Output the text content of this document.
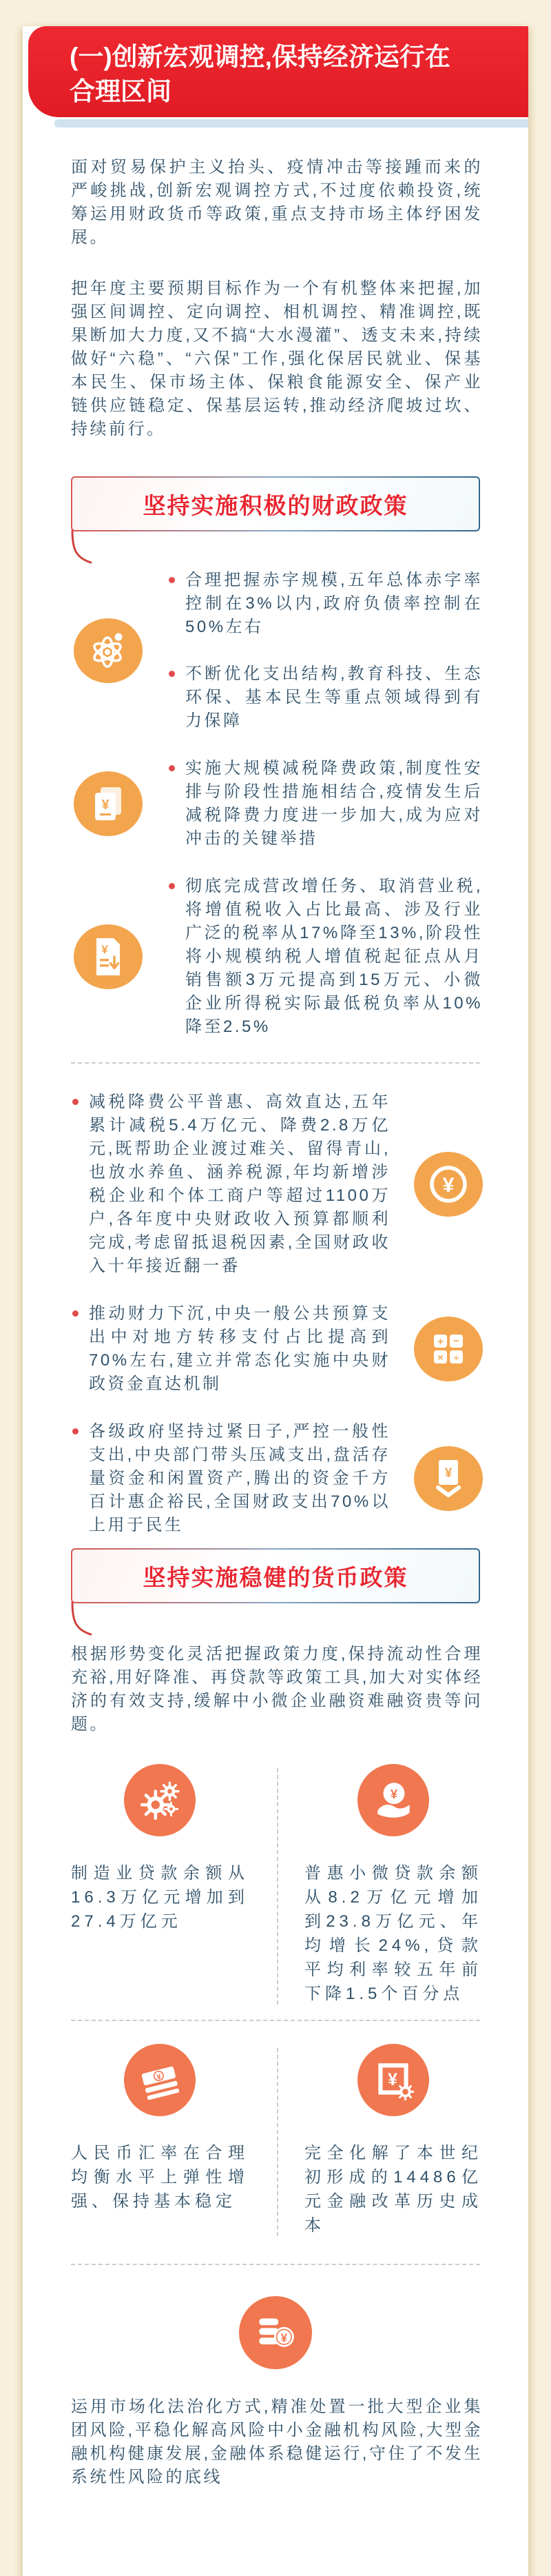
(一)创新宏观调控,保持经济运行在合理区间

面对贸易保护主义抬头、疫情冲击等接踵而来的严峻挑战,创新宏观调控方式,不过度依赖投资,统筹运用财政货币等政策,重点支持市场主体纾困发展。

把年度主要预期目标作为一个有机整体来把握,加强区间调控、定向调控、相机调控、精准调控,既果断加大力度,又不搞“大水漫灌”、透支未来,持续做好“六稳”、“六保”工作,强化保居民就业、保基本民生、保市场主体、保粮食能源安全、保产业链供应链稳定、保基层运转,推动经济爬坡过坎、持续前行。

坚持实施积极的财政政策

合理把握赤字规模,五年总体赤字率控制在3%以内,政府负债率控制在50%左右

不断优化支出结构,教育科技、生态环保、基本民生等重点领域得到有力保障

¥

实施大规模减税降费政策,制度性安排与阶段性措施相结合,疫情发生后减税降费力度进一步加大,成为应对冲击的关键举措

¥

彻底完成营改增任务、取消营业税,将增值税收入占比最高、涉及行业广泛的税率从17%降至13%,阶段性将小规模纳税人增值税起征点从月销售额3万元提高到15万元、小微企业所得税实际最低税负率从10%降至2.5%

减税降费公平普惠、高效直达,五年累计减税5.4万亿元、降费2.8万亿元,既帮助企业渡过难关、留得青山,也放水养鱼、涵养税源,年均新增涉税企业和个体工商户等超过1100万户,各年度中央财政收入预算都顺利完成,考虑留抵退税因素,全国财政收入十年接近翻一番

¥

推动财力下沉,中央一般公共预算支出中对地方转移支付占比提高到70%左右,建立并常态化实施中央财政资金直达机制

+ −
× ÷

各级政府坚持过紧日子,严控一般性支出,中央部门带头压减支出,盘活存量资金和闲置资产,腾出的资金千方百计惠企裕民,全国财政支出70%以上用于民生

¥
坚持实施稳健的货币政策

根据形势变化灵活把握政策力度,保持流动性合理充裕,用好降准、再贷款等政策工具,加大对实体经济的有效支持,缓解中小微企业融资难融资贵等问题。

制造业贷款余额从16.3万亿元增加到27.4万亿元

¥

普惠小微贷款余额从8.2万亿元增加到23.8万亿元、年均增长24%,贷款平均利率较五年前下降1.5个百分点

¥

人民币汇率在合理均衡水平上弹性增强、保持基本稳定

¥

完全化解了本世纪初形成的14486亿元金融改革历史成本

¥

运用市场化法治化方式,精准处置一批大型企业集团风险,平稳化解高风险中小金融机构风险,大型金融机构健康发展,金融体系稳健运行,守住了不发生系统性风险的底线
